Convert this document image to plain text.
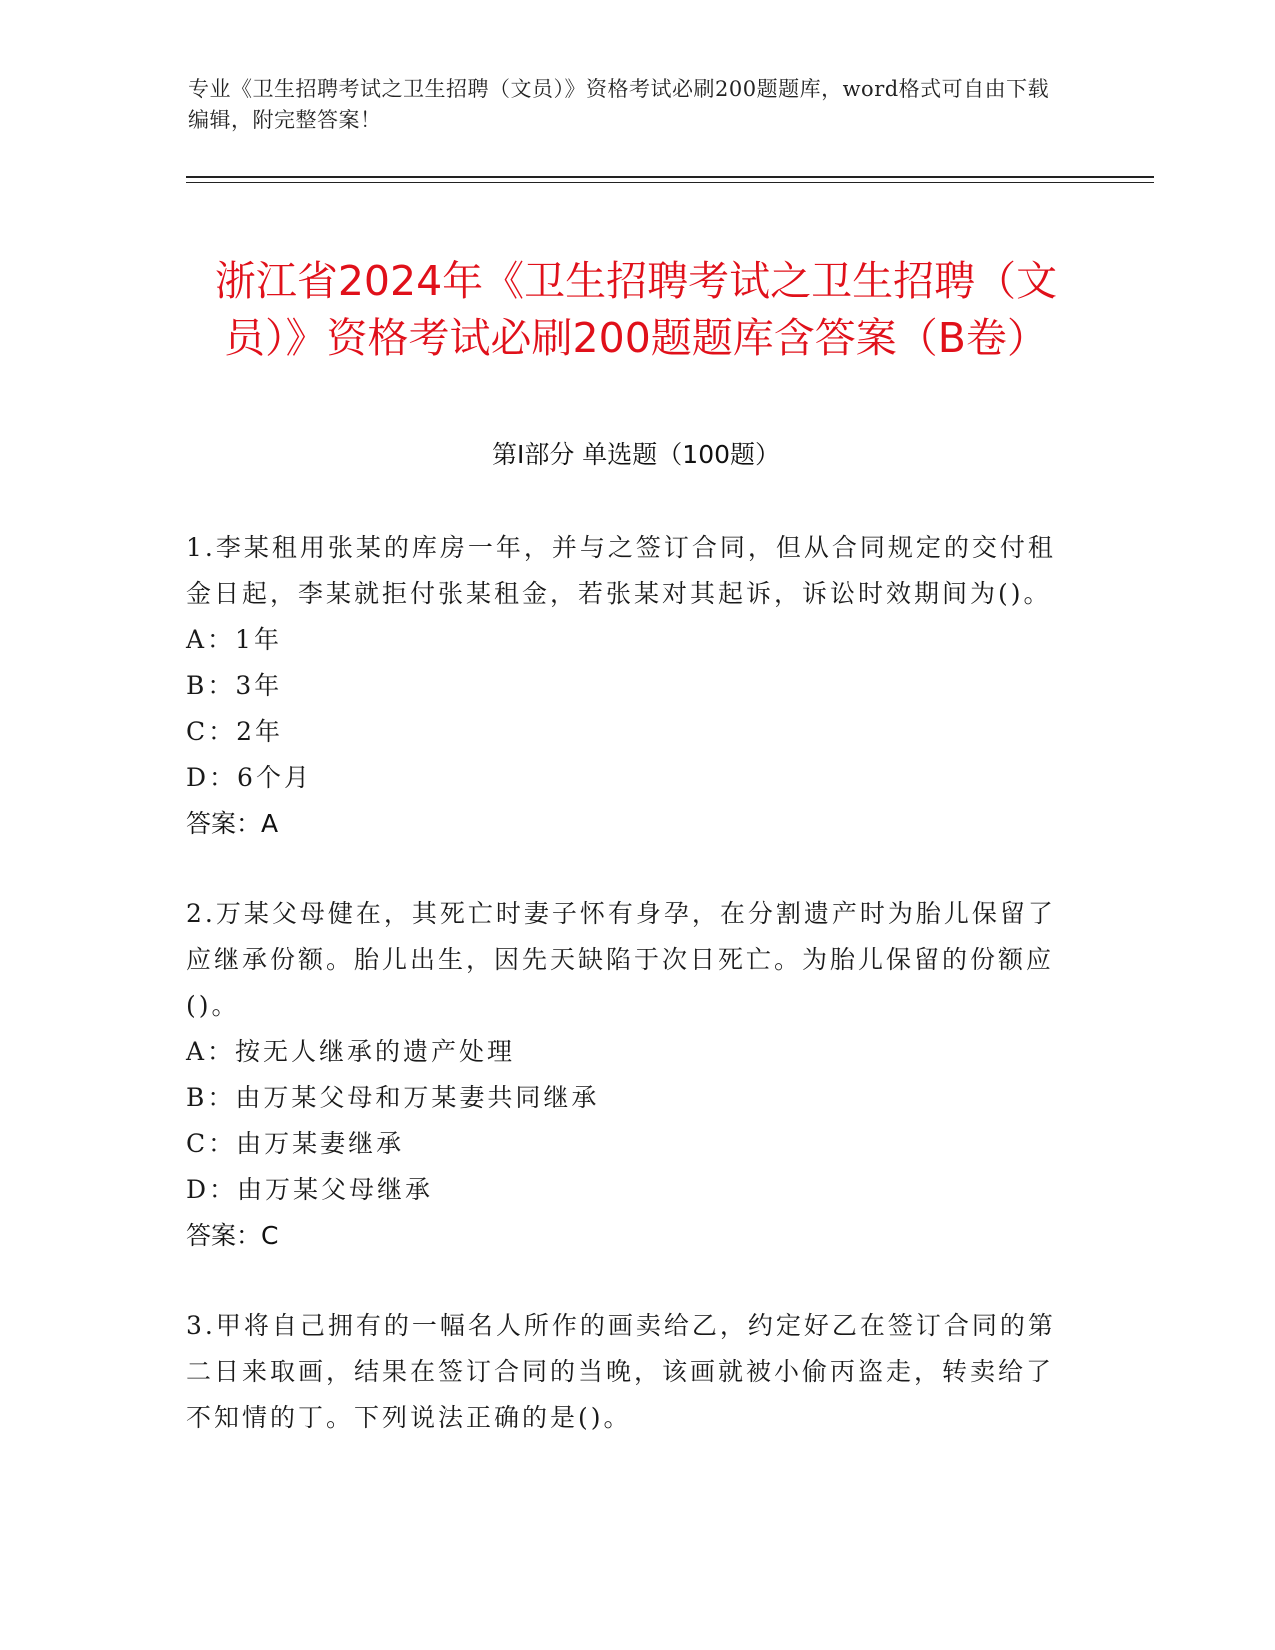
专业《卫生招聘考试之卫生招聘（文员）》资格考试必刷200题题库，word格式可自由下载编辑，附完整答案！
浙江省2024年《卫生招聘考试之卫生招聘（文员）》资格考试必刷200题题库含答案（B卷）
第I部分 单选题（100题）

1.李某租用张某的库房一年，并与之签订合同，但从合同规定的交付租金日起，李某就拒付张某租金，若张某对其起诉，诉讼时效期间为()。

A：1年

B：3年

C：2年

D：6个月

答案：A

2.万某父母健在，其死亡时妻子怀有身孕，在分割遗产时为胎儿保留了应继承份额。胎儿出生，因先天缺陷于次日死亡。为胎儿保留的份额应()。

A：按无人继承的遗产处理

B：由万某父母和万某妻共同继承

C：由万某妻继承

D：由万某父母继承

答案：C

3.甲将自己拥有的一幅名人所作的画卖给乙，约定好乙在签订合同的第二日来取画，结果在签订合同的当晚，该画就被小偷丙盗走，转卖给了不知情的丁。下列说法正确的是()。
